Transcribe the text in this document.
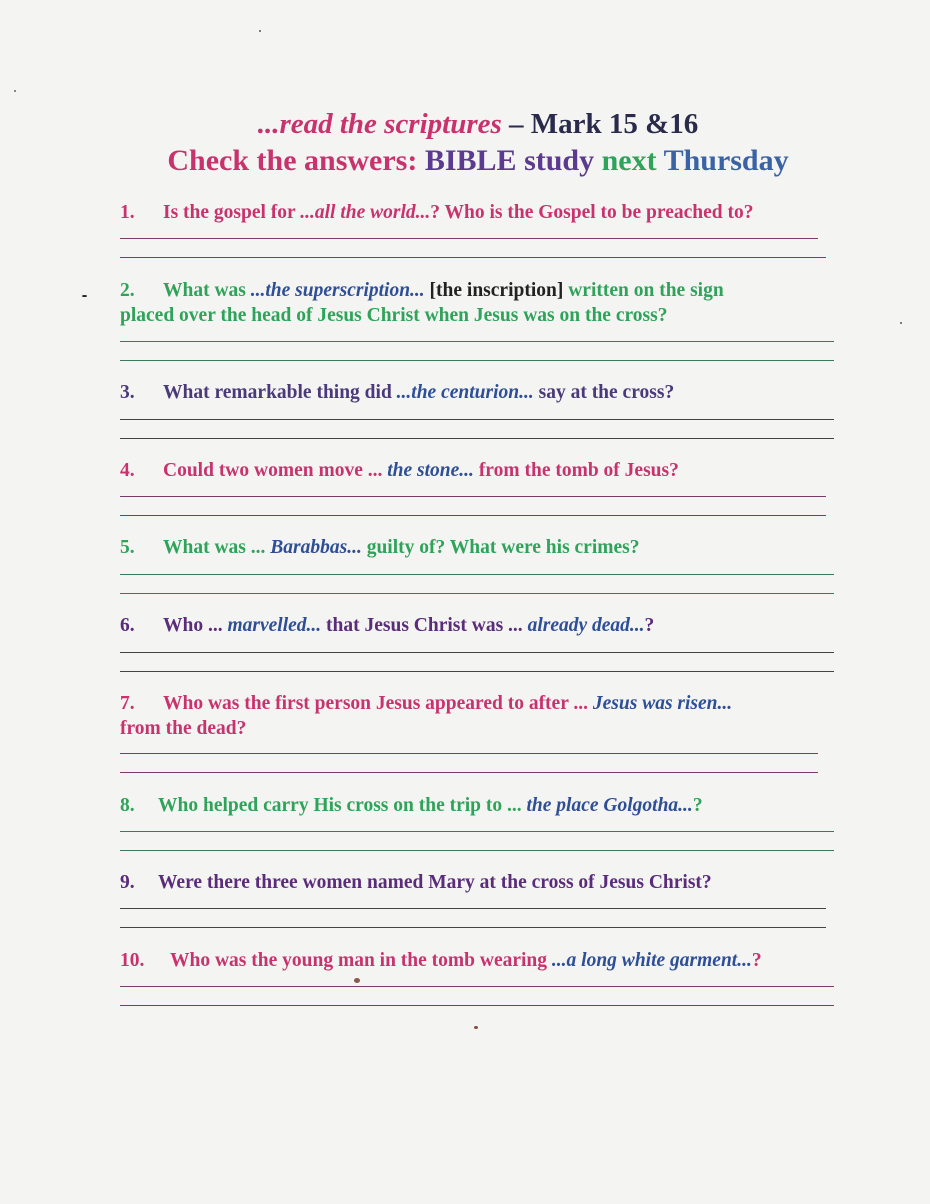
...read the scriptures – Mark 15 &16
Check the answers: BIBLE study next Thursday
1. Is the gospel for ...all the world...? Who is the Gospel to be preached to?
2. What was ...the superscription... [the inscription] written on the sign
placed over the head of Jesus Christ when Jesus was on the cross?
3. What remarkable thing did ...the centurion... say at the cross?
4. Could two women move ... the stone... from the tomb of Jesus?
5. What was ... Barabbas... guilty of? What were his crimes?
6. Who ... marvelled... that Jesus Christ was ... already dead...?
7. Who was the first person Jesus appeared to after ... Jesus was risen...
from the dead?
8. Who helped carry His cross on the trip to ... the place Golgotha...?
9. Were there three women named Mary at the cross of Jesus Christ?
10. Who was the young man in the tomb wearing ...a long white garment...?
